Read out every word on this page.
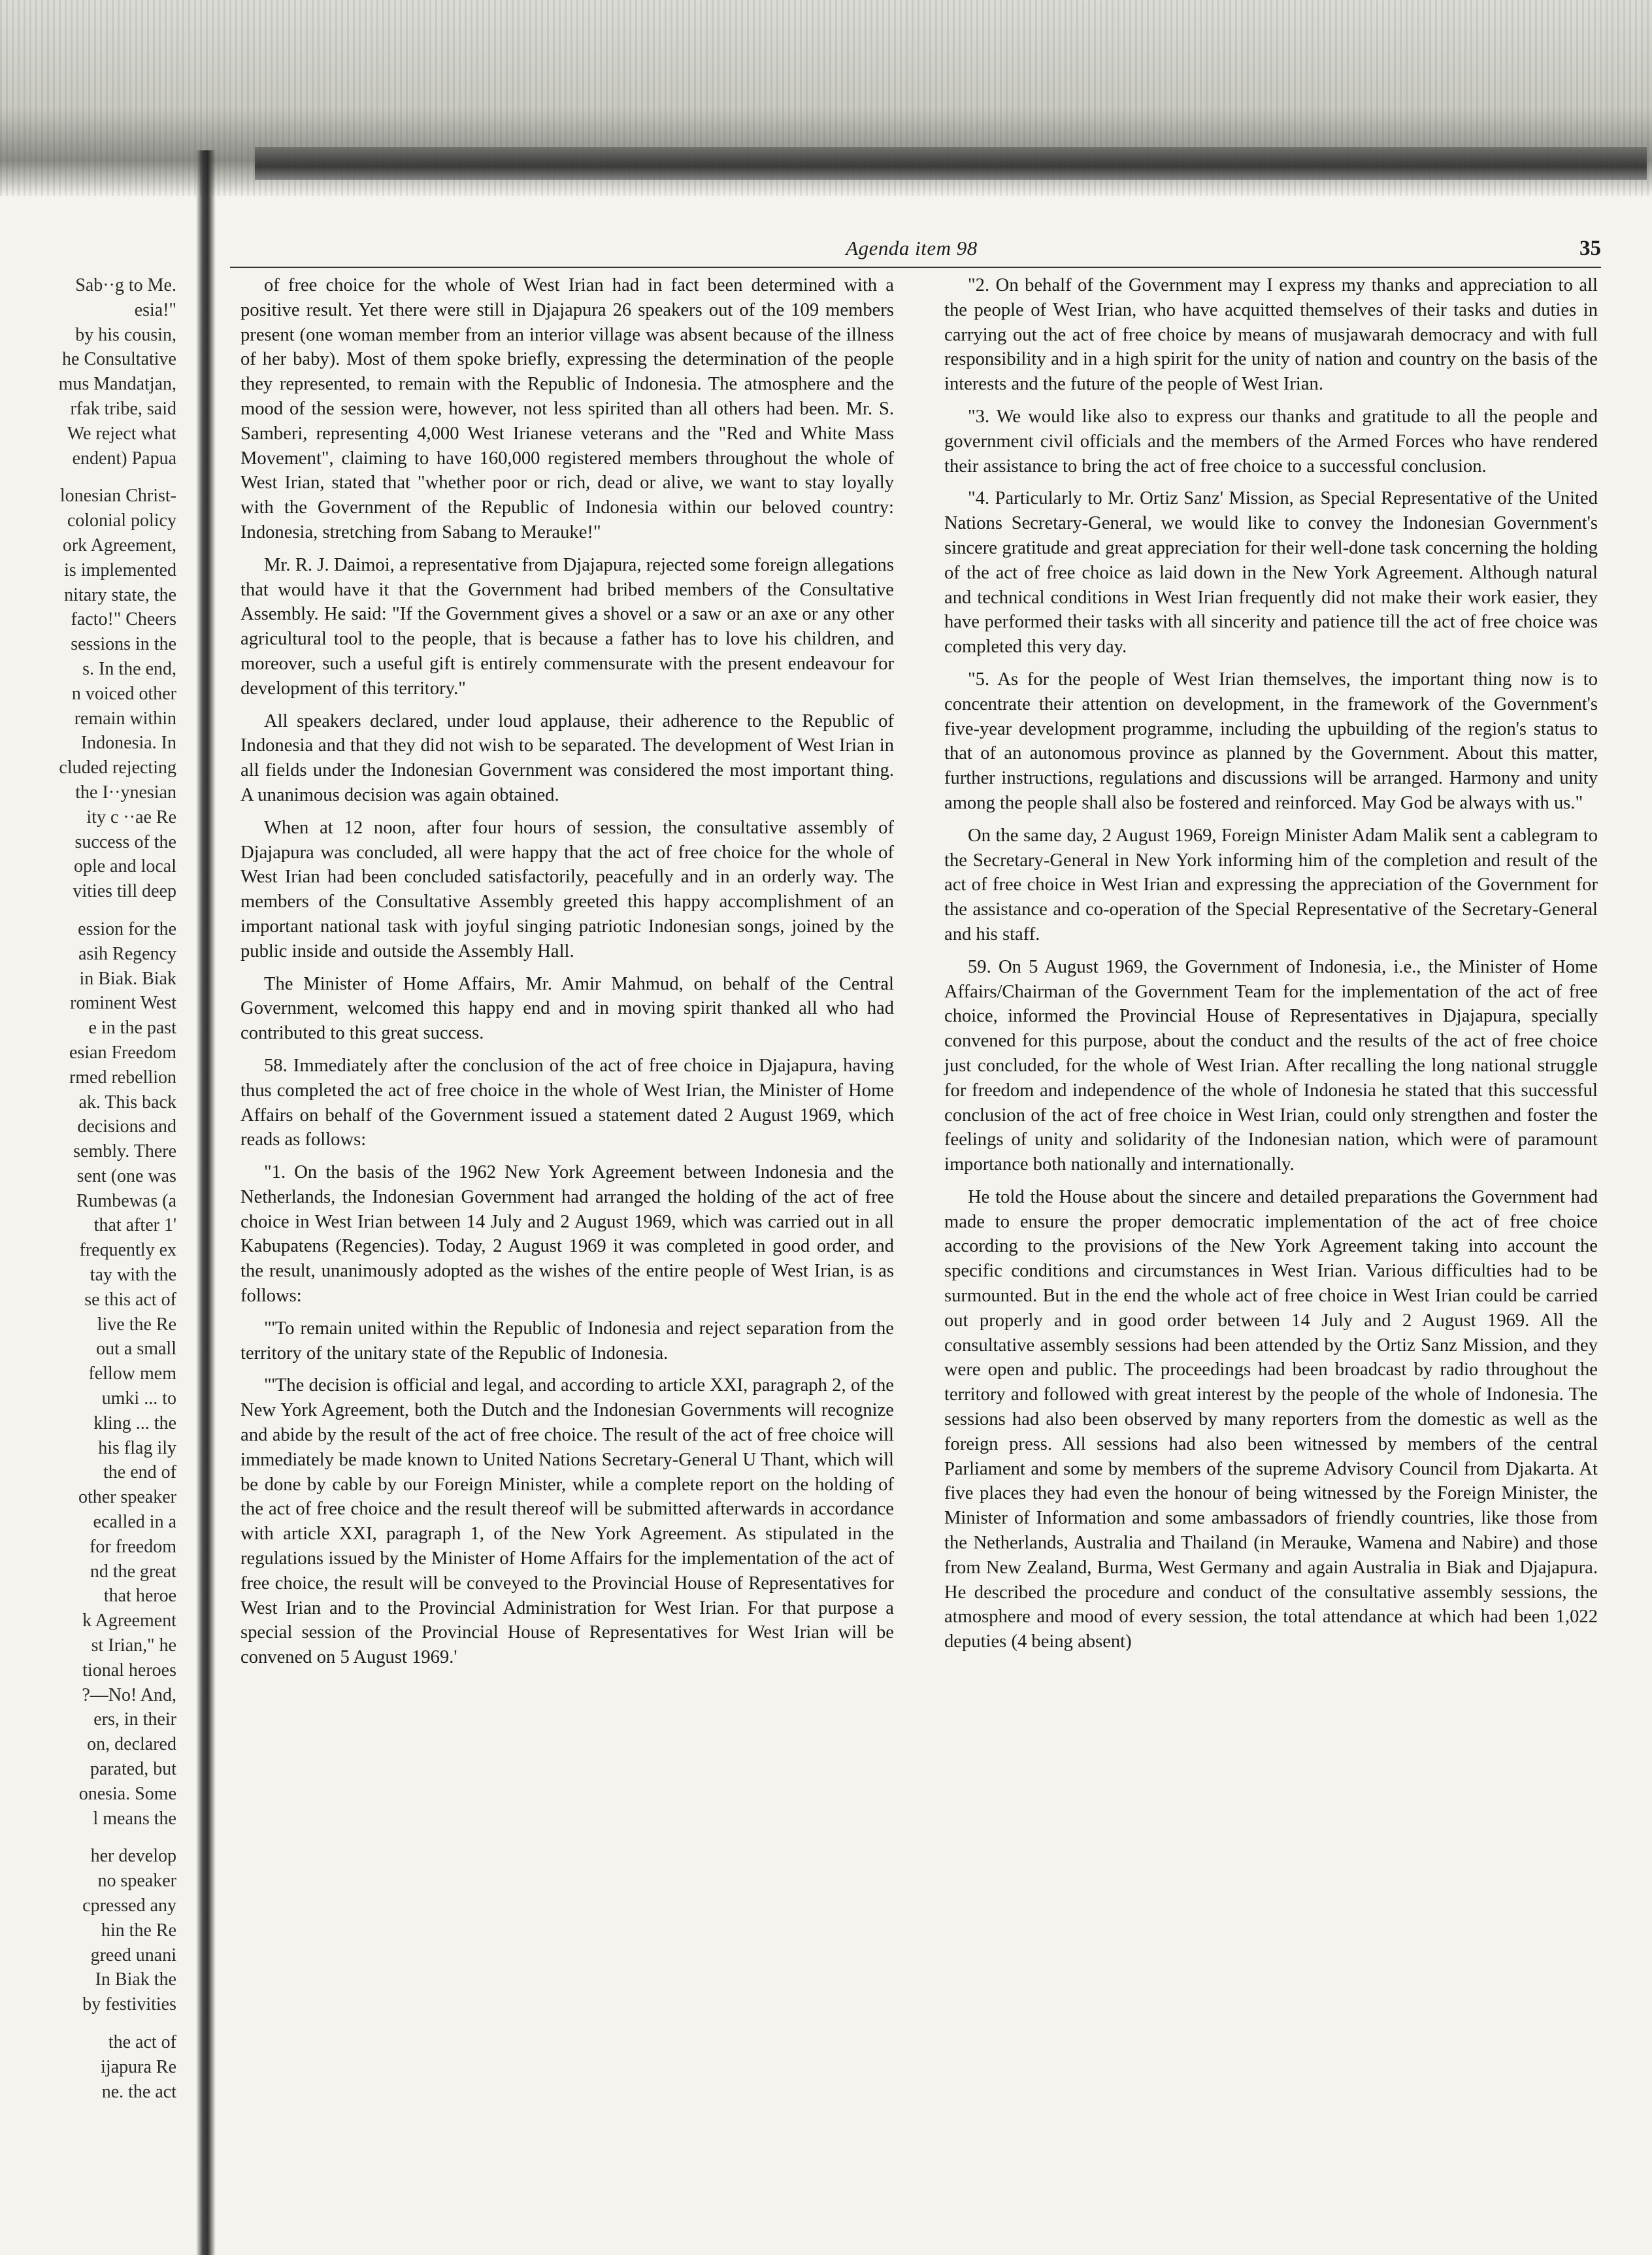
Agenda item 98	35
Sab··g to Me.
esia!"
by his cousin,
he Consultative
mus Mandatjan,
rfak tribe, said
We reject what
endent) Papua
lonesian Christ-
colonial policy
ork Agreement,
is implemented
nitary state, the
facto!" Cheers
sessions in the
s. In the end,
n voiced other
remain within
Indonesia. In
cluded rejecting
the I··ynesian
ity c ··ae Re
success of the
ople and local
vities till deep
ession for the
asih Regency
in Biak. Biak
rominent West
e in the past
esian Freedom
rmed rebellion
ak. This back
decisions and
sembly. There
sent (one was
Rumbewas (a
that after 1'
frequently ex
tay with the
se this act of
live the Re
out a small
fellow mem
umki ... to
kling ... the
his flag ily
the end of
other speaker
ecalled in a
for freedom
nd the great
that heroe
k Agreement
st Irian," he
tional heroes
?—No! And,
ers, in their
on, declared
parated, but
onesia. Some
l means the
her develop
no speaker
cpressed any
hin the Re
greed unani
In Biak the
by festivities
the act of
ijapura Re
ne. the act

of free choice for the whole of West Irian had in fact been determined with a positive result. Yet there were still in Djajapura 26 speakers out of the 109 members present (one woman member from an interior village was absent because of the illness of her baby). Most of them spoke briefly, expressing the determination of the people they represented, to remain with the Republic of Indonesia. The atmosphere and the mood of the session were, however, not less spirited than all others had been. Mr. S. Samberi, representing 4,000 West Irianese veterans and the "Red and White Mass Movement", claiming to have 160,000 registered members throughout the whole of West Irian, stated that "whether poor or rich, dead or alive, we want to stay loyally with the Government of the Republic of Indonesia within our beloved country: Indonesia, stretching from Sabang to Merauke!"

Mr. R. J. Daimoi, a representative from Djajapura, rejected some foreign allegations that would have it that the Government had bribed members of the Consultative Assembly. He said: "If the Government gives a shovel or a saw or an axe or any other agricultural tool to the people, that is because a father has to love his children, and moreover, such a useful gift is entirely commensurate with the present endeavour for development of this territory."

All speakers declared, under loud applause, their adherence to the Republic of Indonesia and that they did not wish to be separated. The development of West Irian in all fields under the Indonesian Government was considered the most important thing. A unanimous decision was again obtained.

When at 12 noon, after four hours of session, the consultative assembly of Djajapura was concluded, all were happy that the act of free choice for the whole of West Irian had been concluded satisfactorily, peacefully and in an orderly way. The members of the Consultative Assembly greeted this happy accomplishment of an important national task with joyful singing patriotic Indonesian songs, joined by the public inside and outside the Assembly Hall.

The Minister of Home Affairs, Mr. Amir Mahmud, on behalf of the Central Government, welcomed this happy end and in moving spirit thanked all who had contributed to this great success.

58. Immediately after the conclusion of the act of free choice in Djajapura, having thus completed the act of free choice in the whole of West Irian, the Minister of Home Affairs on behalf of the Government issued a statement dated 2 August 1969, which reads as follows:

"1. On the basis of the 1962 New York Agreement between Indonesia and the Netherlands, the Indonesian Government had arranged the holding of the act of free choice in West Irian between 14 July and 2 August 1969, which was carried out in all Kabupatens (Regencies). Today, 2 August 1969 it was completed in good order, and the result, unanimously adopted as the wishes of the entire people of West Irian, is as follows:

"'To remain united within the Republic of Indonesia and reject separation from the territory of the unitary state of the Republic of Indonesia.

"'The decision is official and legal, and according to article XXI, paragraph 2, of the New York Agreement, both the Dutch and the Indonesian Governments will recognize and abide by the result of the act of free choice. The result of the act of free choice will immediately be made known to United Nations Secretary-General U Thant, which will be done by cable by our Foreign Minister, while a complete report on the holding of the act of free choice and the result thereof will be submitted afterwards in accordance with article XXI, paragraph 1, of the New York Agreement. As stipulated in the regulations issued by the Minister of Home Affairs for the implementation of the act of free choice, the result will be conveyed to the Provincial House of Representatives for West Irian and to the Provincial Administration for West Irian. For that purpose a special session of the Provincial House of Representatives for West Irian will be convened on 5 August 1969.'

"2. On behalf of the Government may I express my thanks and appreciation to all the people of West Irian, who have acquitted themselves of their tasks and duties in carrying out the act of free choice by means of musjawarah democracy and with full responsibility and in a high spirit for the unity of nation and country on the basis of the interests and the future of the people of West Irian.

"3. We would like also to express our thanks and gratitude to all the people and government civil officials and the members of the Armed Forces who have rendered their assistance to bring the act of free choice to a successful conclusion.

"4. Particularly to Mr. Ortiz Sanz' Mission, as Special Representative of the United Nations Secretary-General, we would like to convey the Indonesian Government's sincere gratitude and great appreciation for their well-done task concerning the holding of the act of free choice as laid down in the New York Agreement. Although natural and technical conditions in West Irian frequently did not make their work easier, they have performed their tasks with all sincerity and patience till the act of free choice was completed this very day.

"5. As for the people of West Irian themselves, the important thing now is to concentrate their attention on development, in the framework of the Government's five-year development programme, including the upbuilding of the region's status to that of an autonomous province as planned by the Government. About this matter, further instructions, regulations and discussions will be arranged. Harmony and unity among the people shall also be fostered and reinforced. May God be always with us."

On the same day, 2 August 1969, Foreign Minister Adam Malik sent a cablegram to the Secretary-General in New York informing him of the completion and result of the act of free choice in West Irian and expressing the appreciation of the Government for the assistance and co-operation of the Special Representative of the Secretary-General and his staff.

59. On 5 August 1969, the Government of Indonesia, i.e., the Minister of Home Affairs/Chairman of the Government Team for the implementation of the act of free choice, informed the Provincial House of Representatives in Djajapura, specially convened for this purpose, about the conduct and the results of the act of free choice just concluded, for the whole of West Irian. After recalling the long national struggle for freedom and independence of the whole of Indonesia he stated that this successful conclusion of the act of free choice in West Irian, could only strengthen and foster the feelings of unity and solidarity of the Indonesian nation, which were of paramount importance both nationally and internationally.

He told the House about the sincere and detailed preparations the Government had made to ensure the proper democratic implementation of the act of free choice according to the provisions of the New York Agreement taking into account the specific conditions and circumstances in West Irian. Various difficulties had to be surmounted. But in the end the whole act of free choice in West Irian could be carried out properly and in good order between 14 July and 2 August 1969. All the consultative assembly sessions had been attended by the Ortiz Sanz Mission, and they were open and public. The proceedings had been broadcast by radio throughout the territory and followed with great interest by the people of the whole of Indonesia. The sessions had also been observed by many reporters from the domestic as well as the foreign press. All sessions had also been witnessed by members of the central Parliament and some by members of the supreme Advisory Council from Djakarta. At five places they had even the honour of being witnessed by the Foreign Minister, the Minister of Information and some ambassadors of friendly countries, like those from the Netherlands, Australia and Thailand (in Merauke, Wamena and Nabire) and those from New Zealand, Burma, West Germany and again Australia in Biak and Djajapura. He described the procedure and conduct of the consultative assembly sessions, the atmosphere and mood of every session, the total attendance at which had been 1,022 deputies (4 being absent)
